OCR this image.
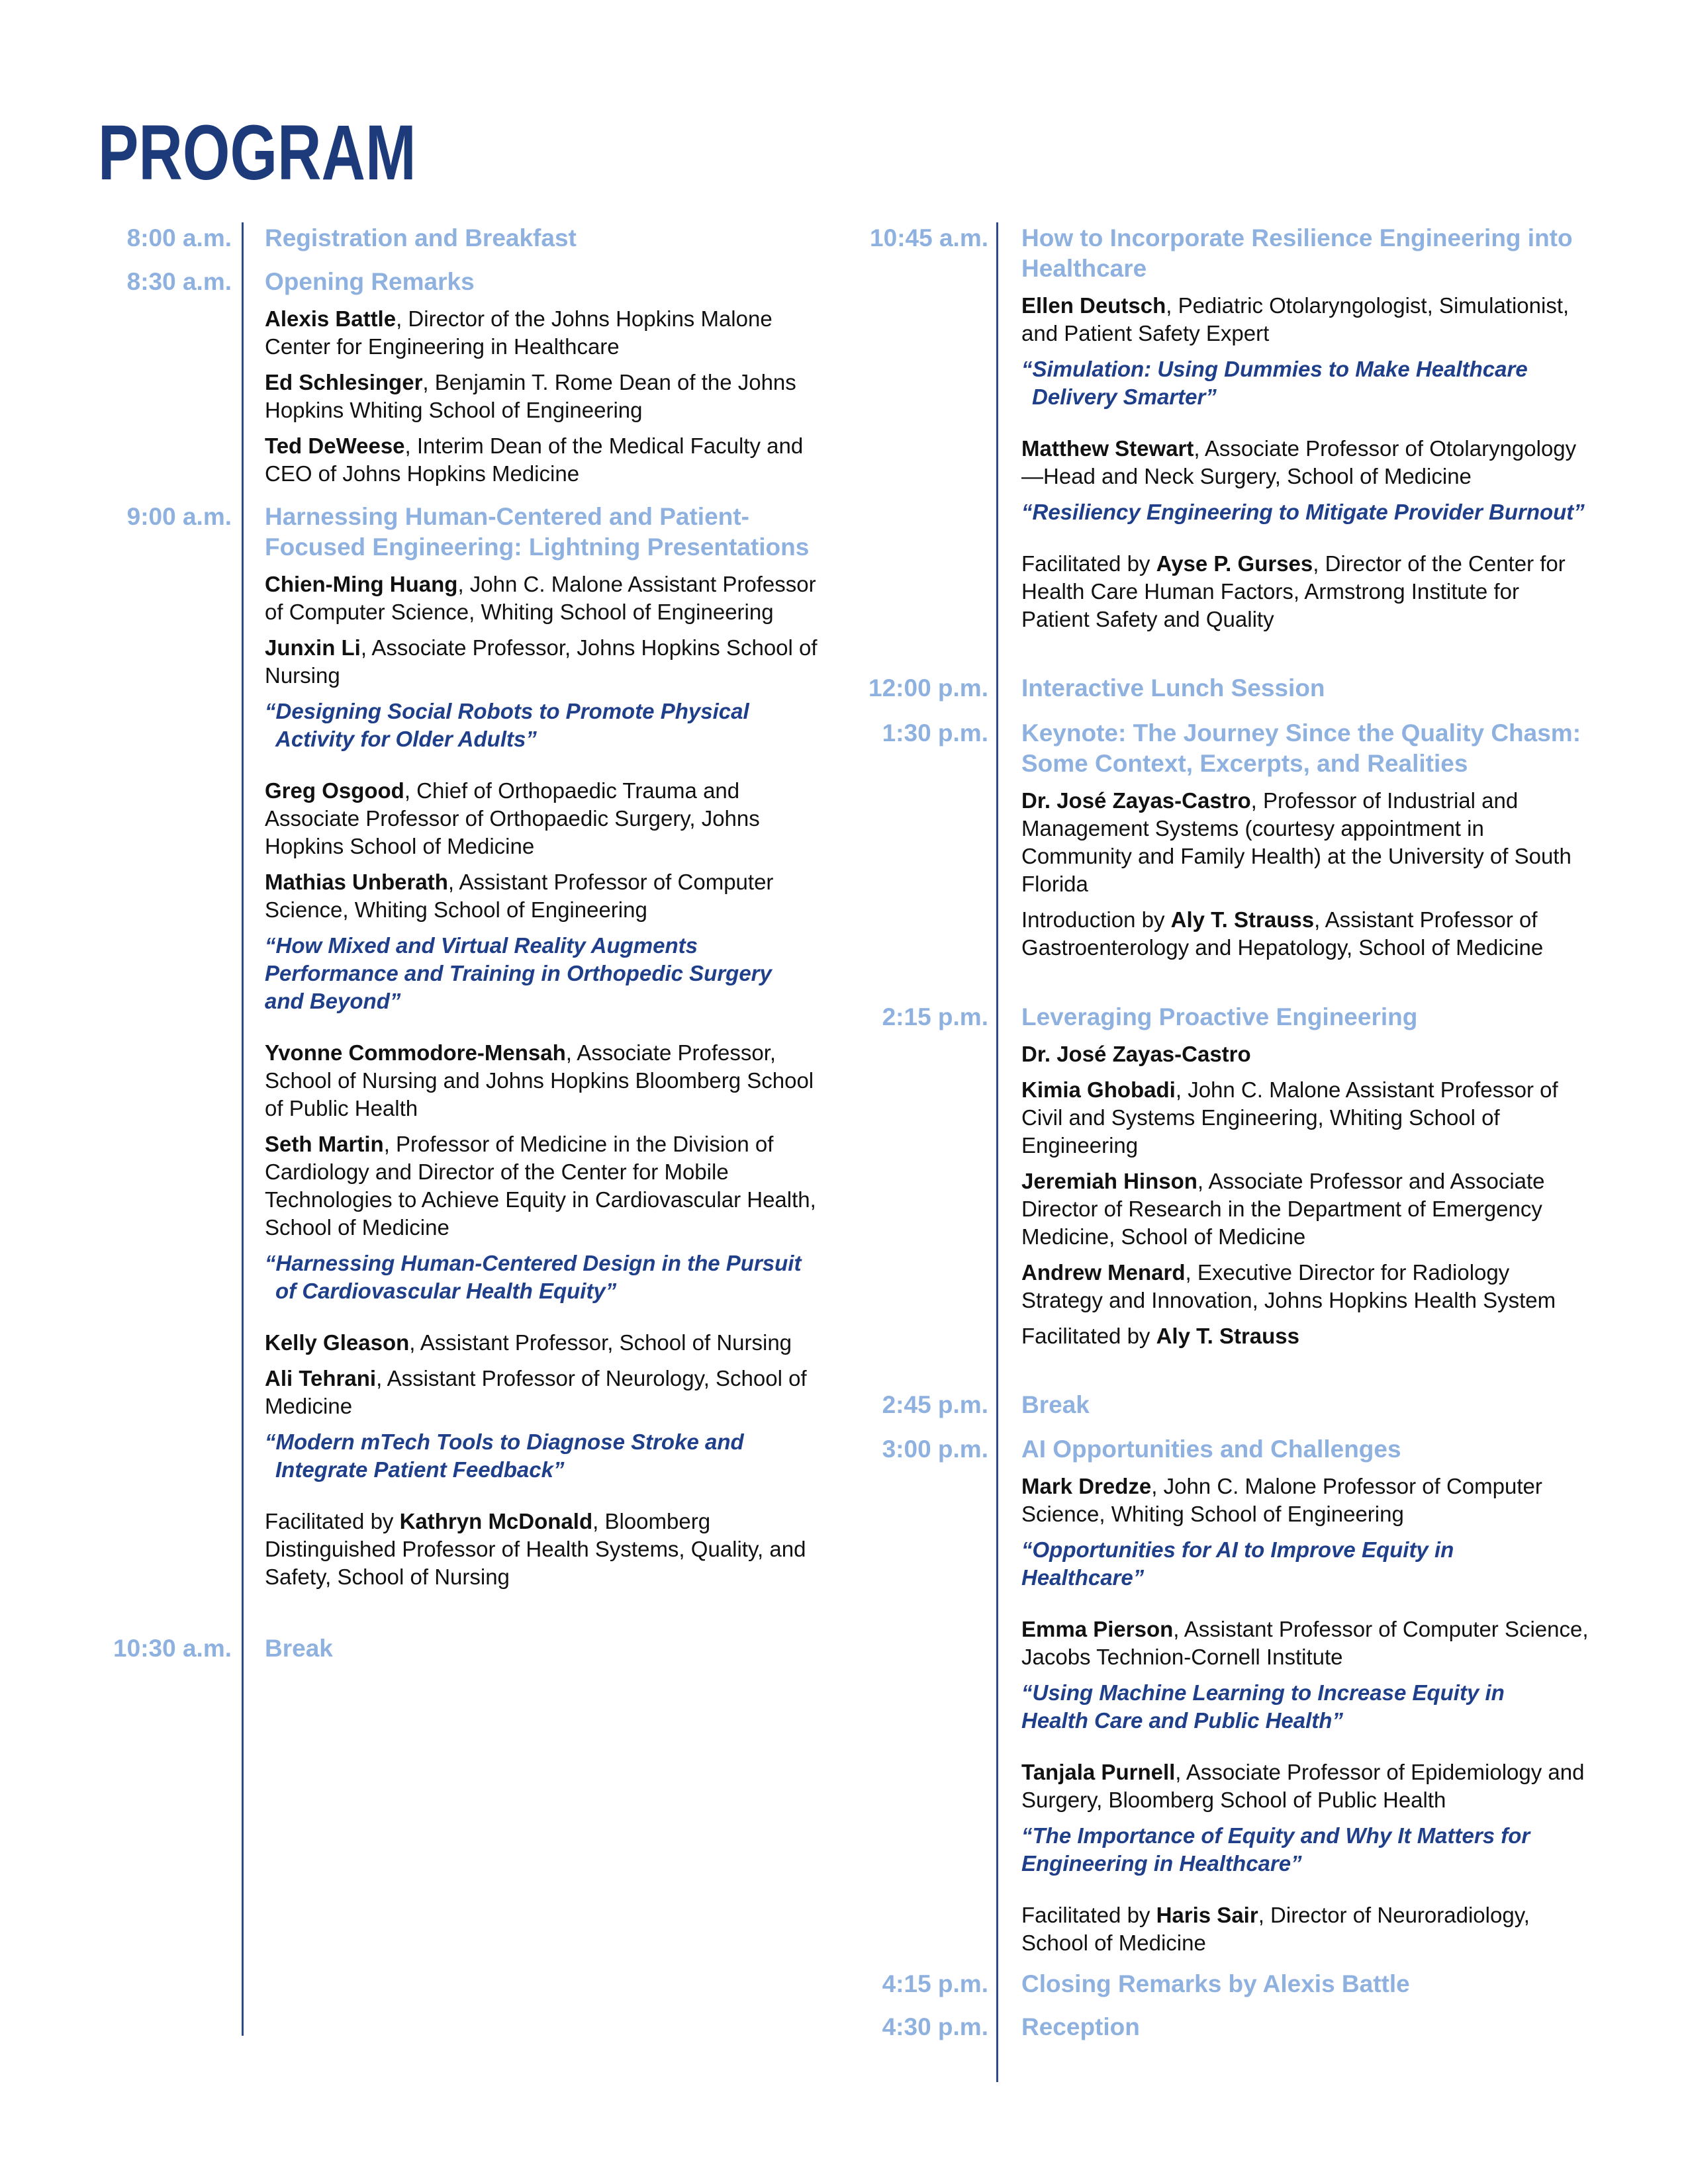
PROGRAM
8:00 a.m. Registration and Breakfast
8:30 a.m. Opening Remarks
Alexis Battle, Director of the Johns Hopkins Malone Center for Engineering in Healthcare
Ed Schlesinger, Benjamin T. Rome Dean of the Johns Hopkins Whiting School of Engineering
Ted DeWeese, Interim Dean of the Medical Faculty and CEO of Johns Hopkins Medicine
9:00 a.m. Harnessing Human-Centered and Patient-Focused Engineering: Lightning Presentations
Chien-Ming Huang, John C. Malone Assistant Professor of Computer Science, Whiting School of Engineering
Junxin Li, Associate Professor, Johns Hopkins School of Nursing
“Designing Social Robots to Promote Physical
Activity for Older Adults”
Greg Osgood, Chief of Orthopaedic Trauma and Associate Professor of Orthopaedic Surgery, Johns Hopkins School of Medicine
Mathias Unberath, Assistant Professor of Computer Science, Whiting School of Engineering
“How Mixed and Virtual Reality Augments
Performance and Training in Orthopedic Surgery
and Beyond”
Yvonne Commodore-Mensah, Associate Professor, School of Nursing and Johns Hopkins Bloomberg School of Public Health
Seth Martin, Professor of Medicine in the Division of Cardiology and Director of the Center for Mobile Technologies to Achieve Equity in Cardiovascular Health, School of Medicine
“Harnessing Human-Centered Design in the Pursuit
of Cardiovascular Health Equity”
Kelly Gleason, Assistant Professor, School of Nursing
Ali Tehrani, Assistant Professor of Neurology, School of Medicine
“Modern mTech Tools to Diagnose Stroke and
Integrate Patient Feedback”
Facilitated by Kathryn McDonald, Bloomberg Distinguished Professor of Health Systems, Quality, and Safety, School of Nursing
10:30 a.m. Break
10:45 a.m. How to Incorporate Resilience Engineering into Healthcare
Ellen Deutsch, Pediatric Otolaryngologist, Simulationist, and Patient Safety Expert
“Simulation: Using Dummies to Make Healthcare
Delivery Smarter”
Matthew Stewart, Associate Professor of Otolaryngology—Head and Neck Surgery, School of Medicine
“Resiliency Engineering to Mitigate Provider Burnout”
Facilitated by Ayse P. Gurses, Director of the Center for Health Care Human Factors, Armstrong Institute for Patient Safety and Quality
12:00 p.m. Interactive Lunch Session
1:30 p.m. Keynote: The Journey Since the Quality Chasm: Some Context, Excerpts, and Realities
Dr. José Zayas-Castro, Professor of Industrial and Management Systems (courtesy appointment in Community and Family Health) at the University of South Florida
Introduction by Aly T. Strauss, Assistant Professor of Gastroenterology and Hepatology, School of Medicine
2:15 p.m. Leveraging Proactive Engineering
Dr. José Zayas-Castro
Kimia Ghobadi, John C. Malone Assistant Professor of Civil and Systems Engineering, Whiting School of Engineering
Jeremiah Hinson, Associate Professor and Associate Director of Research in the Department of Emergency Medicine, School of Medicine
Andrew Menard, Executive Director for Radiology Strategy and Innovation, Johns Hopkins Health System
Facilitated by Aly T. Strauss
2:45 p.m. Break
3:00 p.m. AI Opportunities and Challenges
Mark Dredze, John C. Malone Professor of Computer Science, Whiting School of Engineering
“Opportunities for AI to Improve Equity in
Healthcare”
Emma Pierson, Assistant Professor of Computer Science, Jacobs Technion-Cornell Institute
“Using Machine Learning to Increase Equity in
Health Care and Public Health”
Tanjala Purnell, Associate Professor of Epidemiology and Surgery, Bloomberg School of Public Health
“The Importance of Equity and Why It Matters for
Engineering in Healthcare”
Facilitated by Haris Sair, Director of Neuroradiology, School of Medicine
4:15 p.m. Closing Remarks by Alexis Battle
4:30 p.m. Reception
